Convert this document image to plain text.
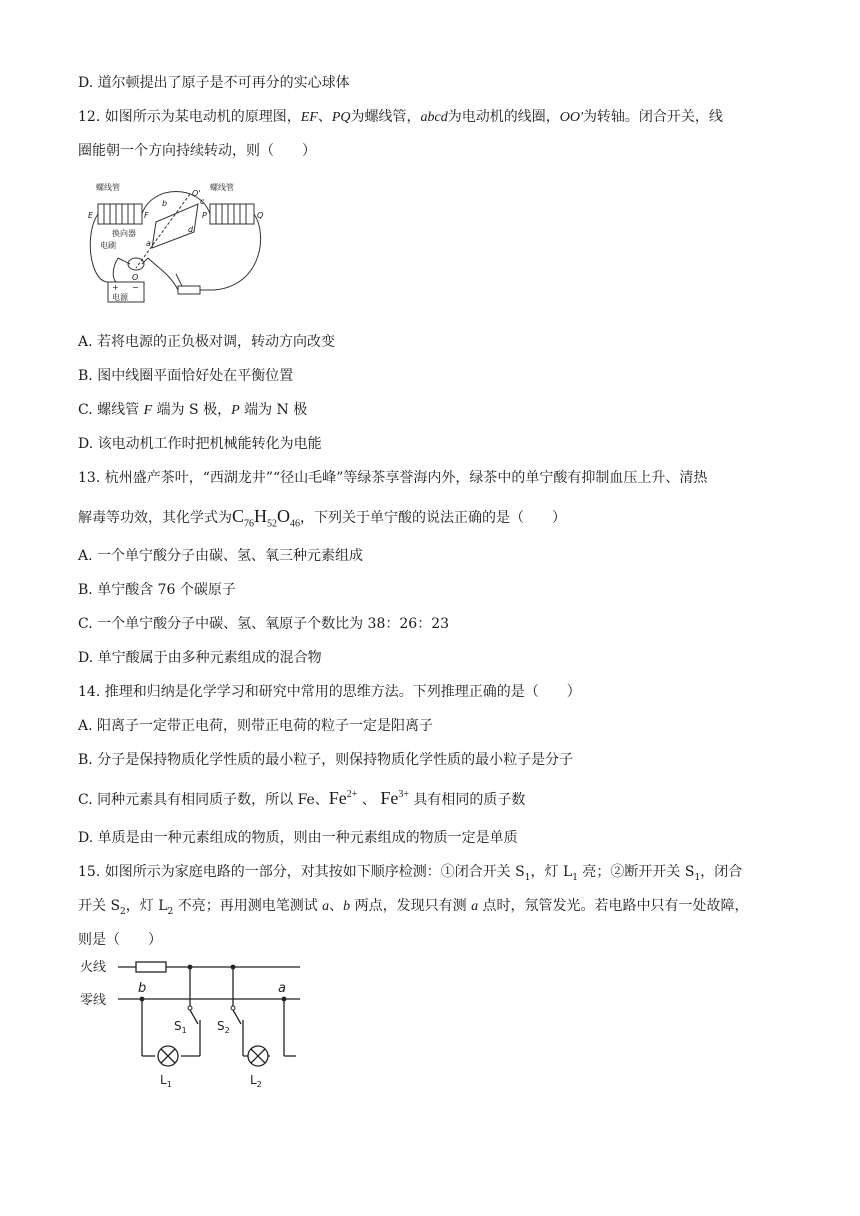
D. 道尔顿提出了原子是不可再分的实心球体
12. 如图所示为某电动机的原理图，EF、PQ为螺线管，abcd为电动机的线圈，OO'为转轴。闭合开关，线
圈能朝一个方向持续转动，则（　　）
螺线管	螺线管
E	F	P	Q
b	c
d
a
O'
O
换向器
电刷
电源
+ −
A. 若将电源的正负极对调，转动方向改变
B. 图中线圈平面恰好处在平衡位置
C. 螺线管 F 端为 S 极，P 端为 N 极
D. 该电动机工作时把机械能转化为电能
13. 杭州盛产茶叶，“西湖龙井”“径山毛峰”等绿茶享誉海内外，绿茶中的单宁酸有抑制血压上升、清热
解毒等功效，其化学式为$C_{76}H_{52}O_{46}$，下列关于单宁酸的说法正确的是（　　）
A. 一个单宁酸分子由碳、氢、氧三种元素组成
B. 单宁酸含 76 个碳原子
C. 一个单宁酸分子中碳、氢、氧原子个数比为 38：26：23
D. 单宁酸属于由多种元素组成的混合物
14. 推理和归纳是化学学习和研究中常用的思维方法。下列推理正确的是（　　）
A. 阳离子一定带正电荷，则带正电荷的粒子一定是阳离子
B. 分子是保持物质化学性质的最小粒子，则保持物质化学性质的最小粒子是分子
C. 同种元素具有相同质子数，所以 Fe、$Fe^{2+}$ 、 $Fe^{3+}$ 具有相同的质子数
D. 单质是由一种元素组成的物质，则由一种元素组成的物质一定是单质
15. 如图所示为家庭电路的一部分，对其按如下顺序检测：①闭合开关 $S_1$，灯 $L_1$ 亮；②断开开关 $S_1$，闭合
开关 $S_2$，灯 $L_2$ 不亮；再用测电笔测试 a、b 两点，发现只有测 a 点时，氖管发光。若电路中只有一处故障，
则是（　　）
火线
零线
b	a
$S_1$	$S_2$
$L_1$	$L_2$
